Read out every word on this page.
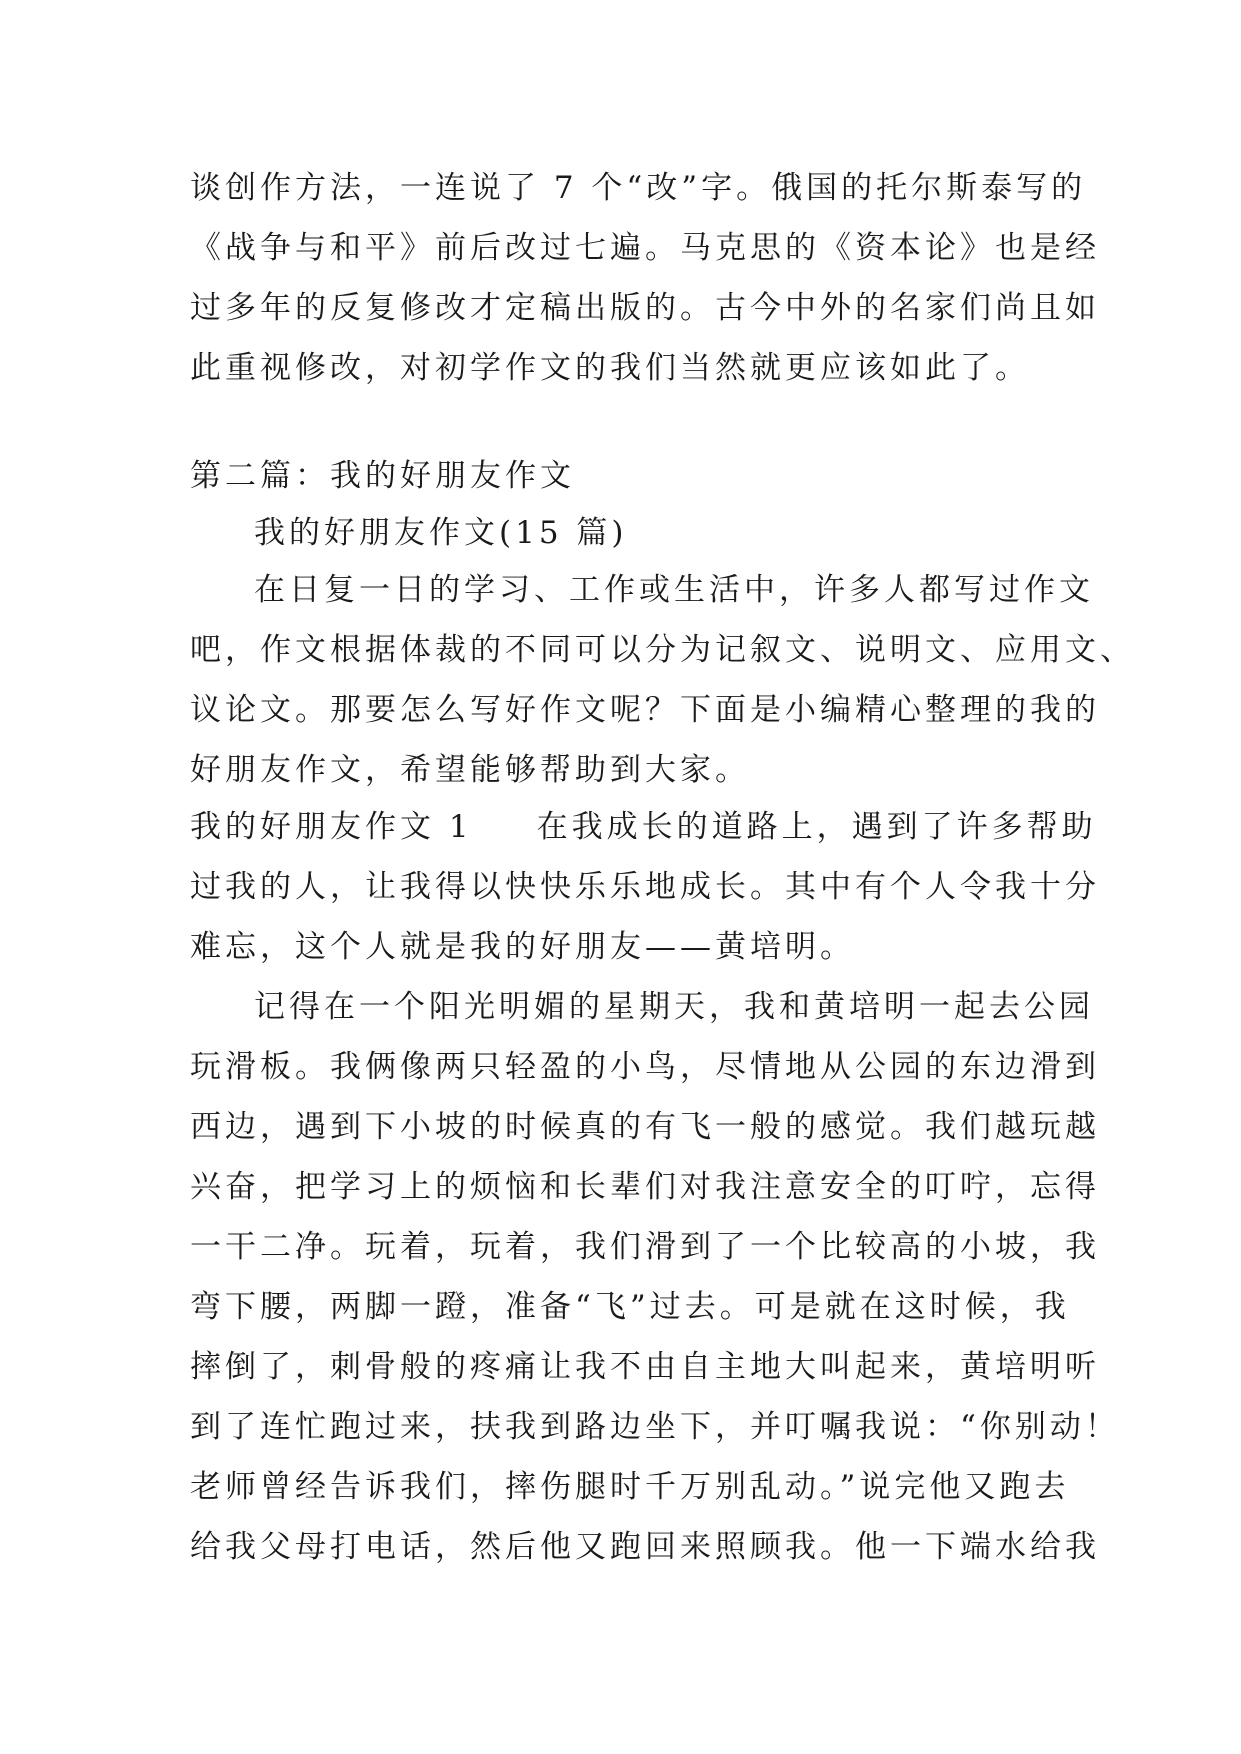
谈创作方法，一连说了 7 个“改”字。俄国的托尔斯泰写的
《战争与和平》前后改过七遍。马克思的《资本论》也是经
过多年的反复修改才定稿出版的。古今中外的名家们尚且如
此重视修改，对初学作文的我们当然就更应该如此了。
第二篇：我的好朋友作文
我的好朋友作文(15 篇)
在日复一日的学习、工作或生活中，许多人都写过作文
吧，作文根据体裁的不同可以分为记叙文、说明文、应用文、
议论文。那要怎么写好作文呢？下面是小编精心整理的我的
好朋友作文，希望能够帮助到大家。
我的好朋友作文 1 在我成长的道路上，遇到了许多帮助
过我的人，让我得以快快乐乐地成长。其中有个人令我十分
难忘，这个人就是我的好朋友——黄培明。
记得在一个阳光明媚的星期天，我和黄培明一起去公园
玩滑板。我俩像两只轻盈的小鸟，尽情地从公园的东边滑到
西边，遇到下小坡的时候真的有飞一般的感觉。我们越玩越
兴奋，把学习上的烦恼和长辈们对我注意安全的叮咛，忘得
一干二净。玩着，玩着，我们滑到了一个比较高的小坡，我
弯下腰，两脚一蹬，准备“飞”过去。可是就在这时候，我
摔倒了，刺骨般的疼痛让我不由自主地大叫起来，黄培明听
到了连忙跑过来，扶我到路边坐下，并叮嘱我说：“你别动！
老师曾经告诉我们，摔伤腿时千万别乱动。”说完他又跑去
给我父母打电话，然后他又跑回来照顾我。他一下端水给我
